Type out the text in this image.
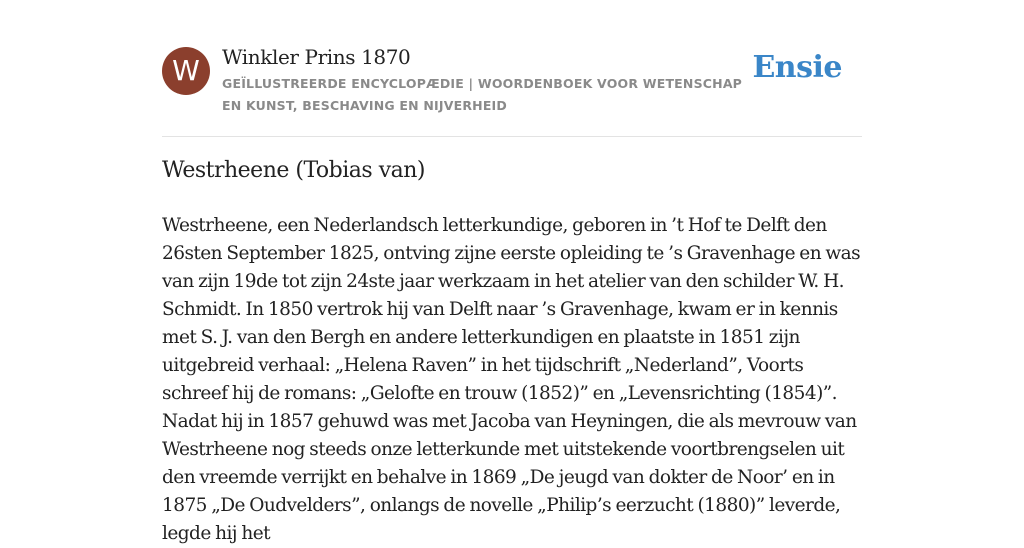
W	Winkler Prins 1870
GEÏLLUSTREERDE ENCYCLOPÆDIE | WOORDENBOEK VOOR WETENSCHAP EN KUNST, BESCHAVING EN NIJVERHEID
Ensie
Westrheene (Tobias van)

Westrheene, een Nederlandsch letterkundige, geboren in ’t Hof te Delft den 26sten September 1825, ontving zijne eerste opleiding te ’s Gravenhage en was van zijn 19de tot zijn 24ste jaar werkzaam in het atelier van den schilder W. H. Schmidt. In 1850 vertrok hij van Delft naar ’s Gravenhage, kwam er in kennis met S. J. van den Bergh en andere letterkundigen en plaatste in 1851 zijn uitgebreid verhaal: „Helena Raven” in het tijdschrift „Nederland”, Voorts schreef hij de romans: „Gelofte en trouw (1852)” en „Levensrichting (1854)”. Nadat hij in 1857 gehuwd was met Jacoba van Heyningen, die als mevrouw van Westrheene nog steeds onze letterkunde met uitstekende voortbrengselen uit den vreemde verrijkt en behalve in 1869 „De jeugd van dokter de Noor’ en in 1875 „De Oudvelders”, onlangs de novelle „Philip’s eerzucht (1880)” leverde, legde hij het
